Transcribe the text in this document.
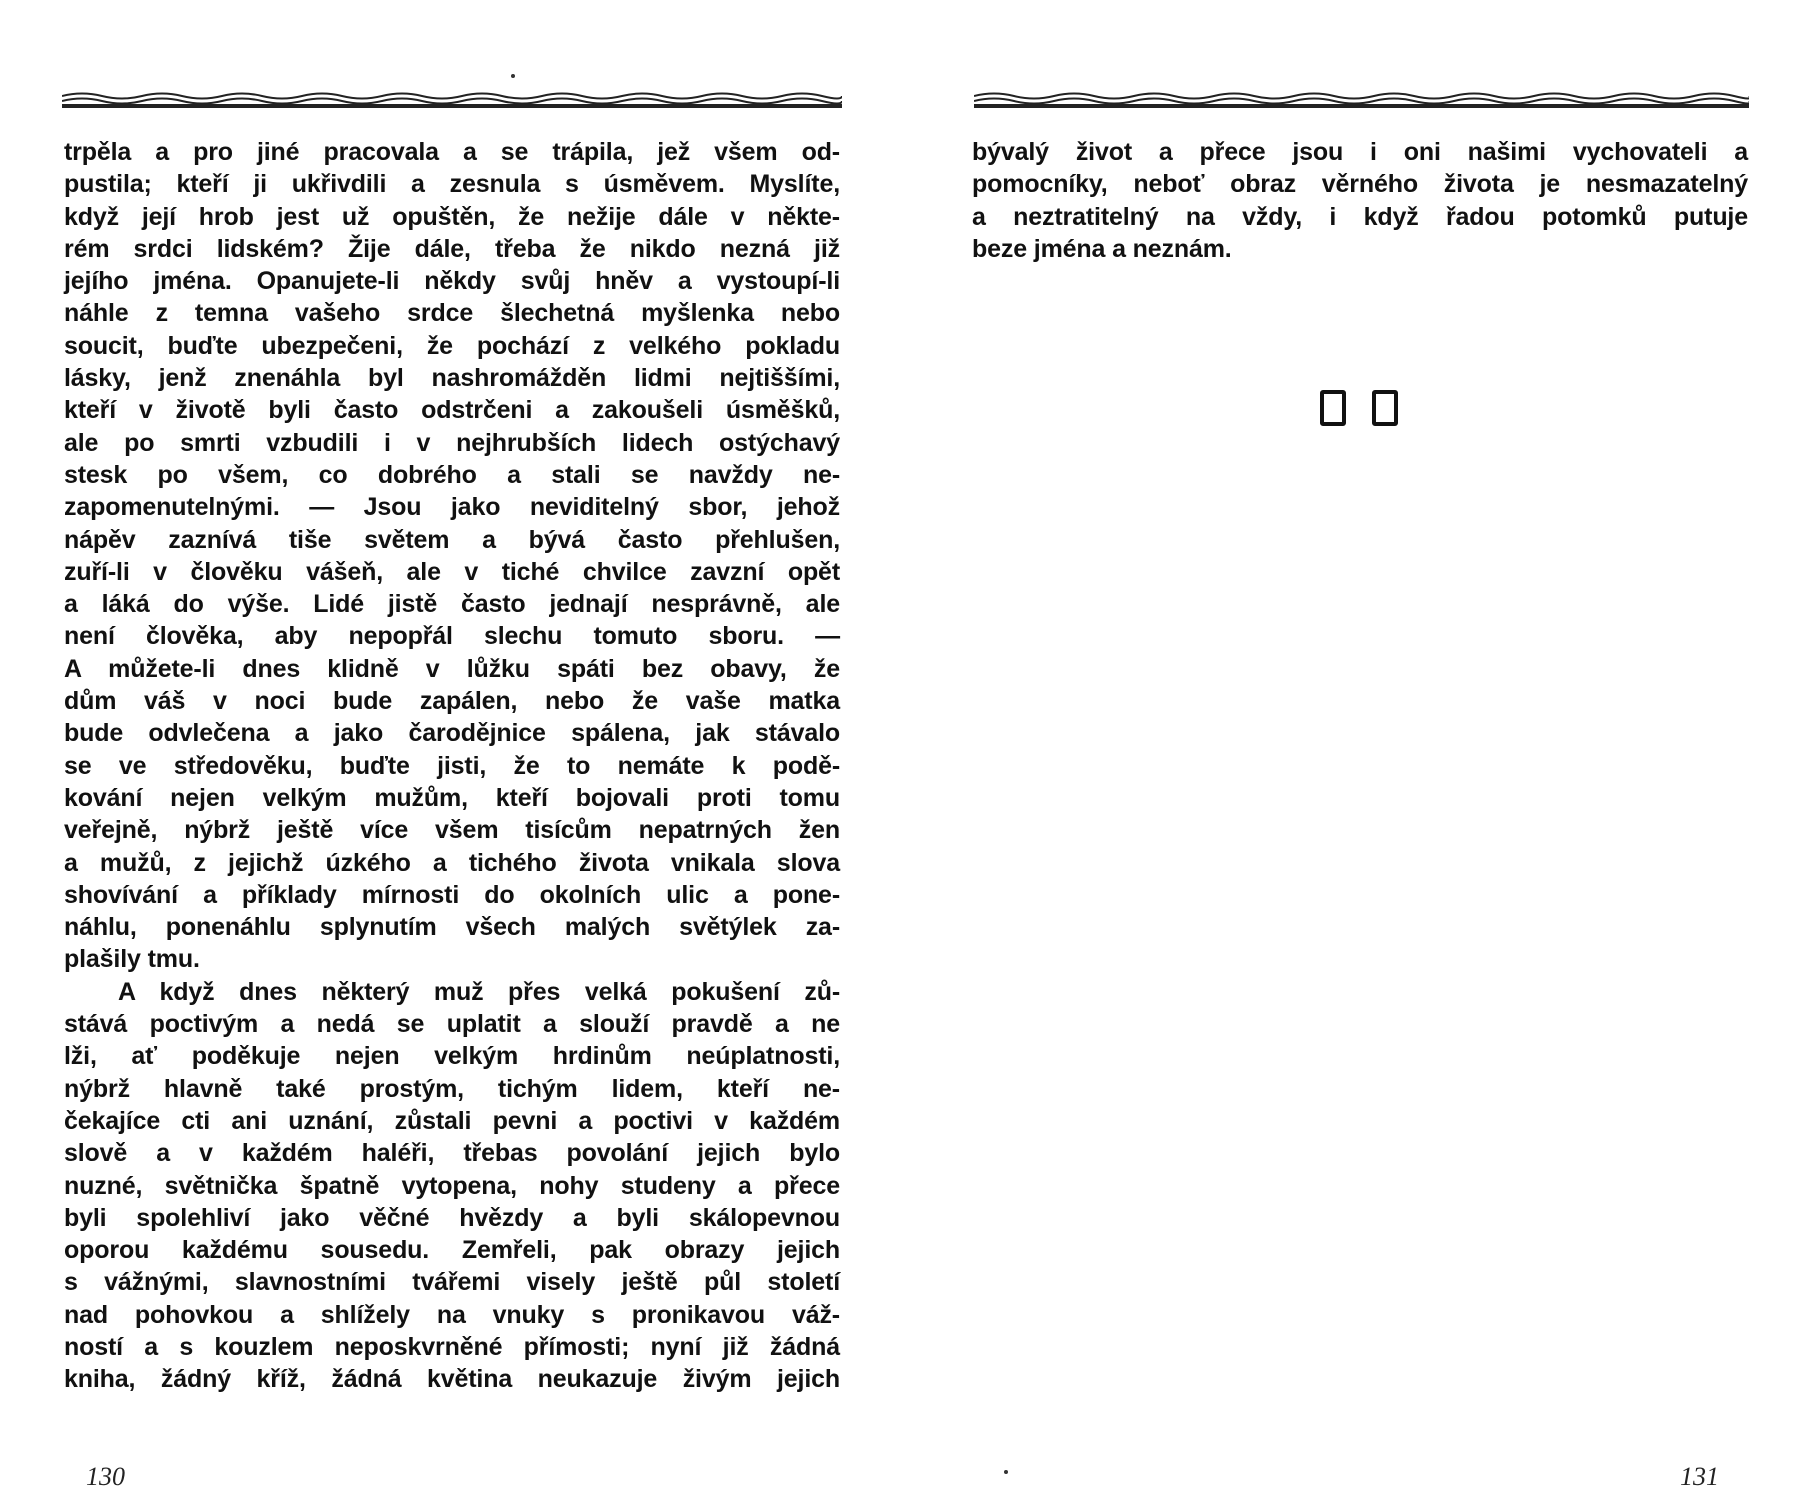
trpěla a pro jiné pracovala a se trápila, jež všem od-
pustila; kteří ji ukřivdili a zesnula s úsměvem. Myslíte,
když její hrob jest už opuštěn, že nežije dále v někte-
rém srdci lidském? Žije dále, třeba že nikdo nezná již
jejího jména. Opanujete-li někdy svůj hněv a vystoupí-li
náhle z temna vašeho srdce šlechetná myšlenka nebo
soucit, buďte ubezpečeni, že pochází z velkého pokladu
lásky, jenž znenáhla byl nashromážděn lidmi nejtiššími,
kteří v životě byli často odstrčeni a zakoušeli úsměšků,
ale po smrti vzbudili i v nejhrubších lidech ostýchavý
stesk po všem, co dobrého a stali se navždy ne-
zapomenutelnými. — Jsou jako neviditelný sbor, jehož
nápěv zaznívá tiše světem a bývá často přehlušen,
zuří-li v člověku vášeň, ale v tiché chvilce zavzní opět
a láká do výše. Lidé jistě často jednají nesprávně, ale
není člověka, aby nepopřál slechu tomuto sboru. —
A můžete-li dnes klidně v lůžku spáti bez obavy, že
dům váš v noci bude zapálen, nebo že vaše matka
bude odvlečena a jako čarodějnice spálena, jak stávalo
se ve středověku, buďte jisti, že to nemáte k podě-
kování nejen velkým mužům, kteří bojovali proti tomu
veřejně, nýbrž ještě více všem tisícům nepatrných žen
a mužů, z jejichž úzkého a tichého života vnikala slova
shovívání a příklady mírnosti do okolních ulic a pone-
náhlu, ponenáhlu splynutím všech malých světýlek za-
plašily tmu.
A když dnes některý muž přes velká pokušení zů-
stává poctivým a nedá se uplatit a slouží pravdě a ne
lži, ať poděkuje nejen velkým hrdinům neúplatnosti,
nýbrž hlavně také prostým, tichým lidem, kteří ne-
čekajíce cti ani uznání, zůstali pevni a poctivi v každém
slově a v každém haléři, třebas povolání jejich bylo
nuzné, světnička špatně vytopena, nohy studeny a přece
byli spolehliví jako věčné hvězdy a byli skálopevnou
oporou každému sousedu. Zemřeli, pak obrazy jejich
s vážnými, slavnostními tvářemi visely ještě půl století
nad pohovkou a shlížely na vnuky s pronikavou váž-
ností a s kouzlem neposkvrněné přímosti; nyní již žádná
kniha, žádný kříž, žádná květina neukazuje živým jejich
130
bývalý život a přece jsou i oni našimi vychovateli a
pomocníky, neboť obraz věrného života je nesmazatelný
a neztratitelný na vždy, i když řadou potomků putuje
beze jména a neznám.
131
